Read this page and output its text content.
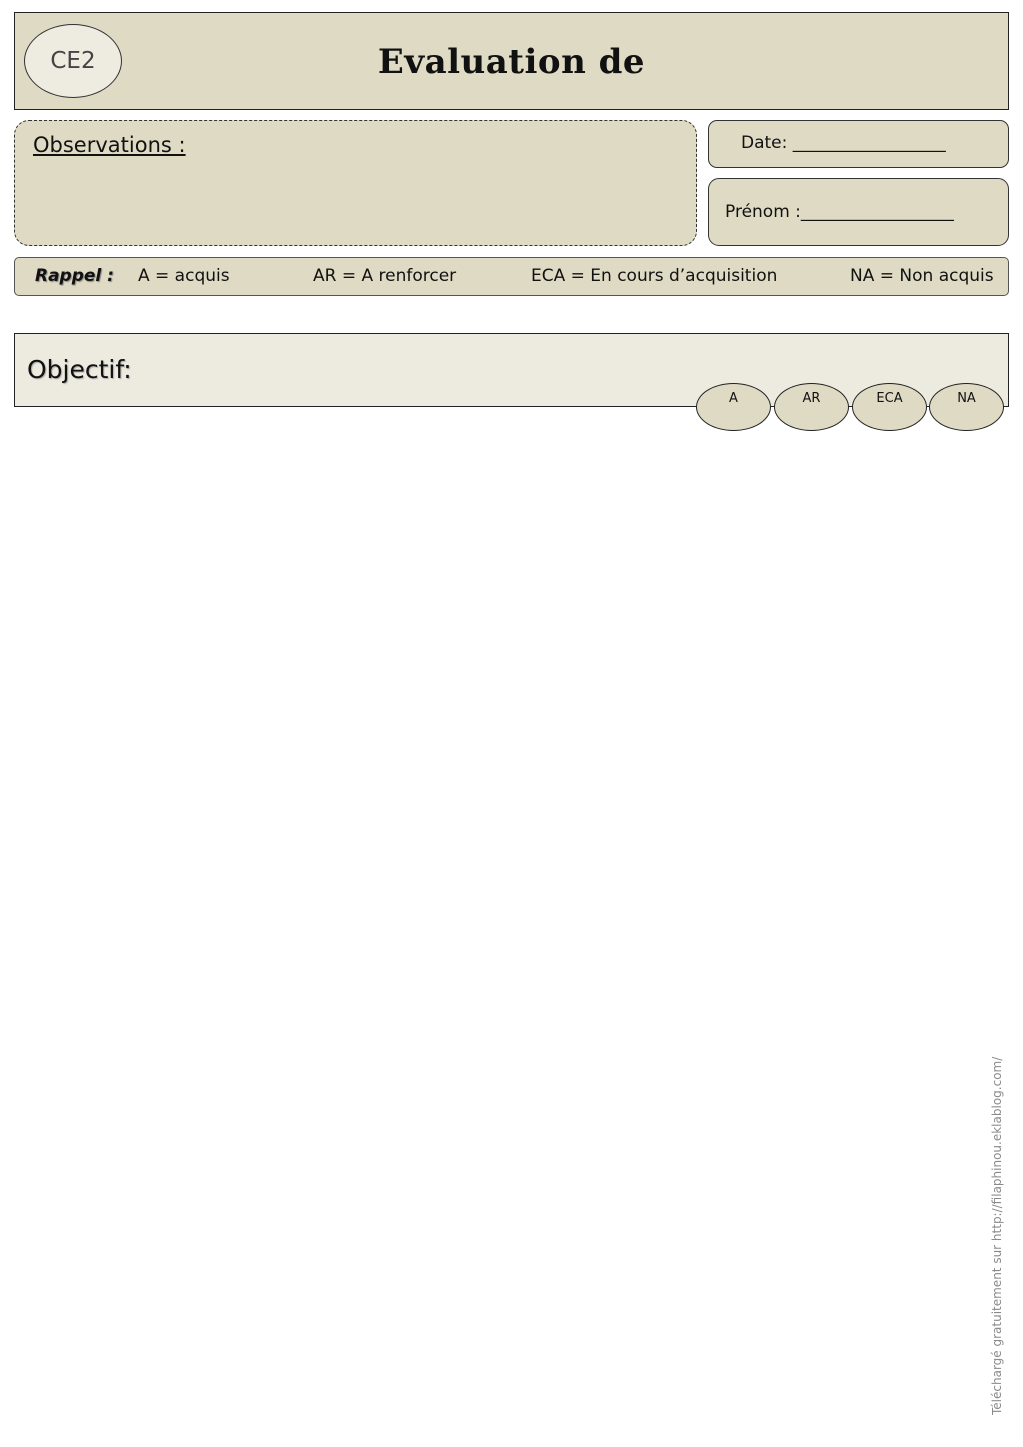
CE2	Evaluation de
Observations :	Date: __________________
Prénom :__________________
Rappel : A = acquis	AR = A renforcer	ECA = En cours d’acquisition	NA = Non acquis
Objectif:
A	AR	ECA	NA
Téléchargé gratuitement sur http://filaphinou.eklablog.com/
